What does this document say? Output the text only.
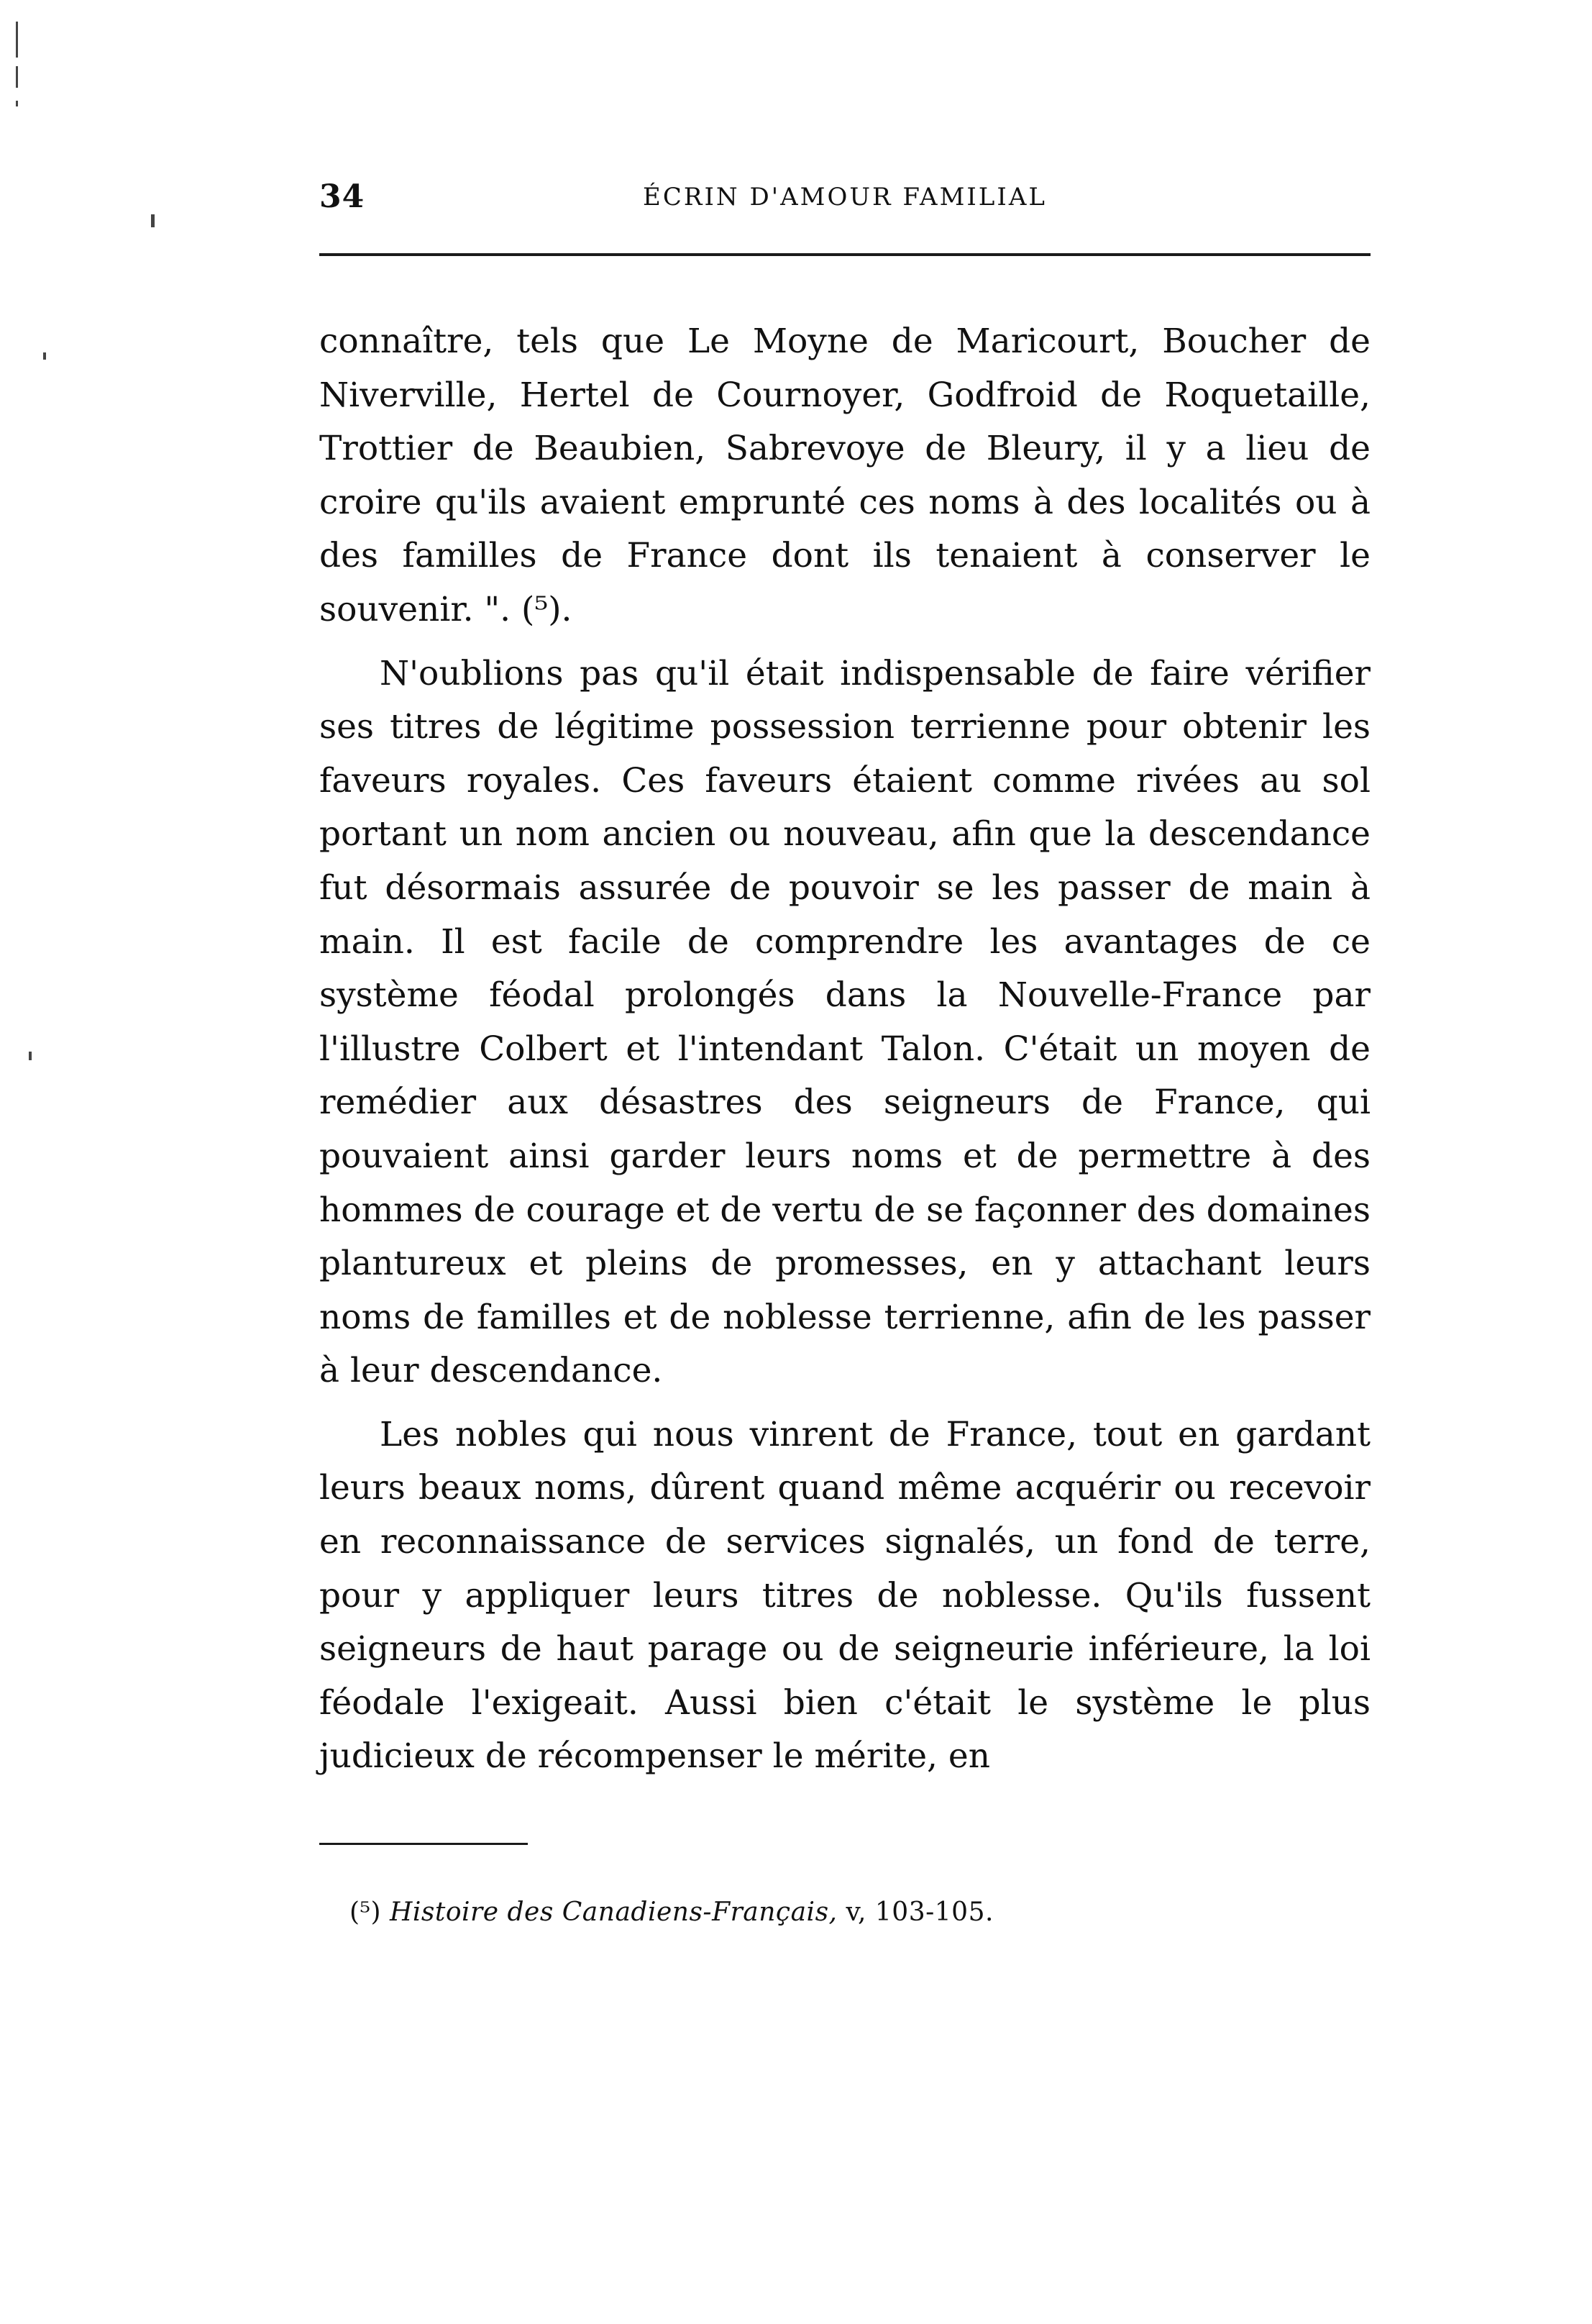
34	ÉCRIN D'AMOUR FAMILIAL

connaître, tels que Le Moyne de Maricourt, Boucher de Niverville, Hertel de Cournoyer, Godfroid de Roquetaille, Trottier de Beaubien, Sabrevoye de Bleury, il y a lieu de croire qu'ils avaient emprunté ces noms à des localités ou à des familles de France dont ils tenaient à conserver le souvenir. ". (⁵).

N'oublions pas qu'il était indispensable de faire vérifier ses titres de légitime possession terrienne pour obtenir les faveurs royales. Ces faveurs étaient comme rivées au sol portant un nom ancien ou nouveau, afin que la descendance fut désormais assurée de pouvoir se les passer de main à main. Il est facile de comprendre les avantages de ce système féodal prolongés dans la Nouvelle-France par l'illustre Colbert et l'intendant Talon. C'était un moyen de remédier aux désastres des seigneurs de France, qui pouvaient ainsi garder leurs noms et de permettre à des hommes de courage et de vertu de se façonner des domaines plantureux et pleins de promesses, en y attachant leurs noms de familles et de noblesse terrienne, afin de les passer à leur descendance.

Les nobles qui nous vinrent de France, tout en gardant leurs beaux noms, dûrent quand même acquérir ou recevoir en reconnaissance de services signalés, un fond de terre, pour y appliquer leurs titres de noblesse. Qu'ils fussent seigneurs de haut parage ou de seigneurie inférieure, la loi féodale l'exigeait. Aussi bien c'était le système le plus judicieux de récompenser le mérite, en

(⁵) Histoire des Canadiens-Français, v, 103-105.
